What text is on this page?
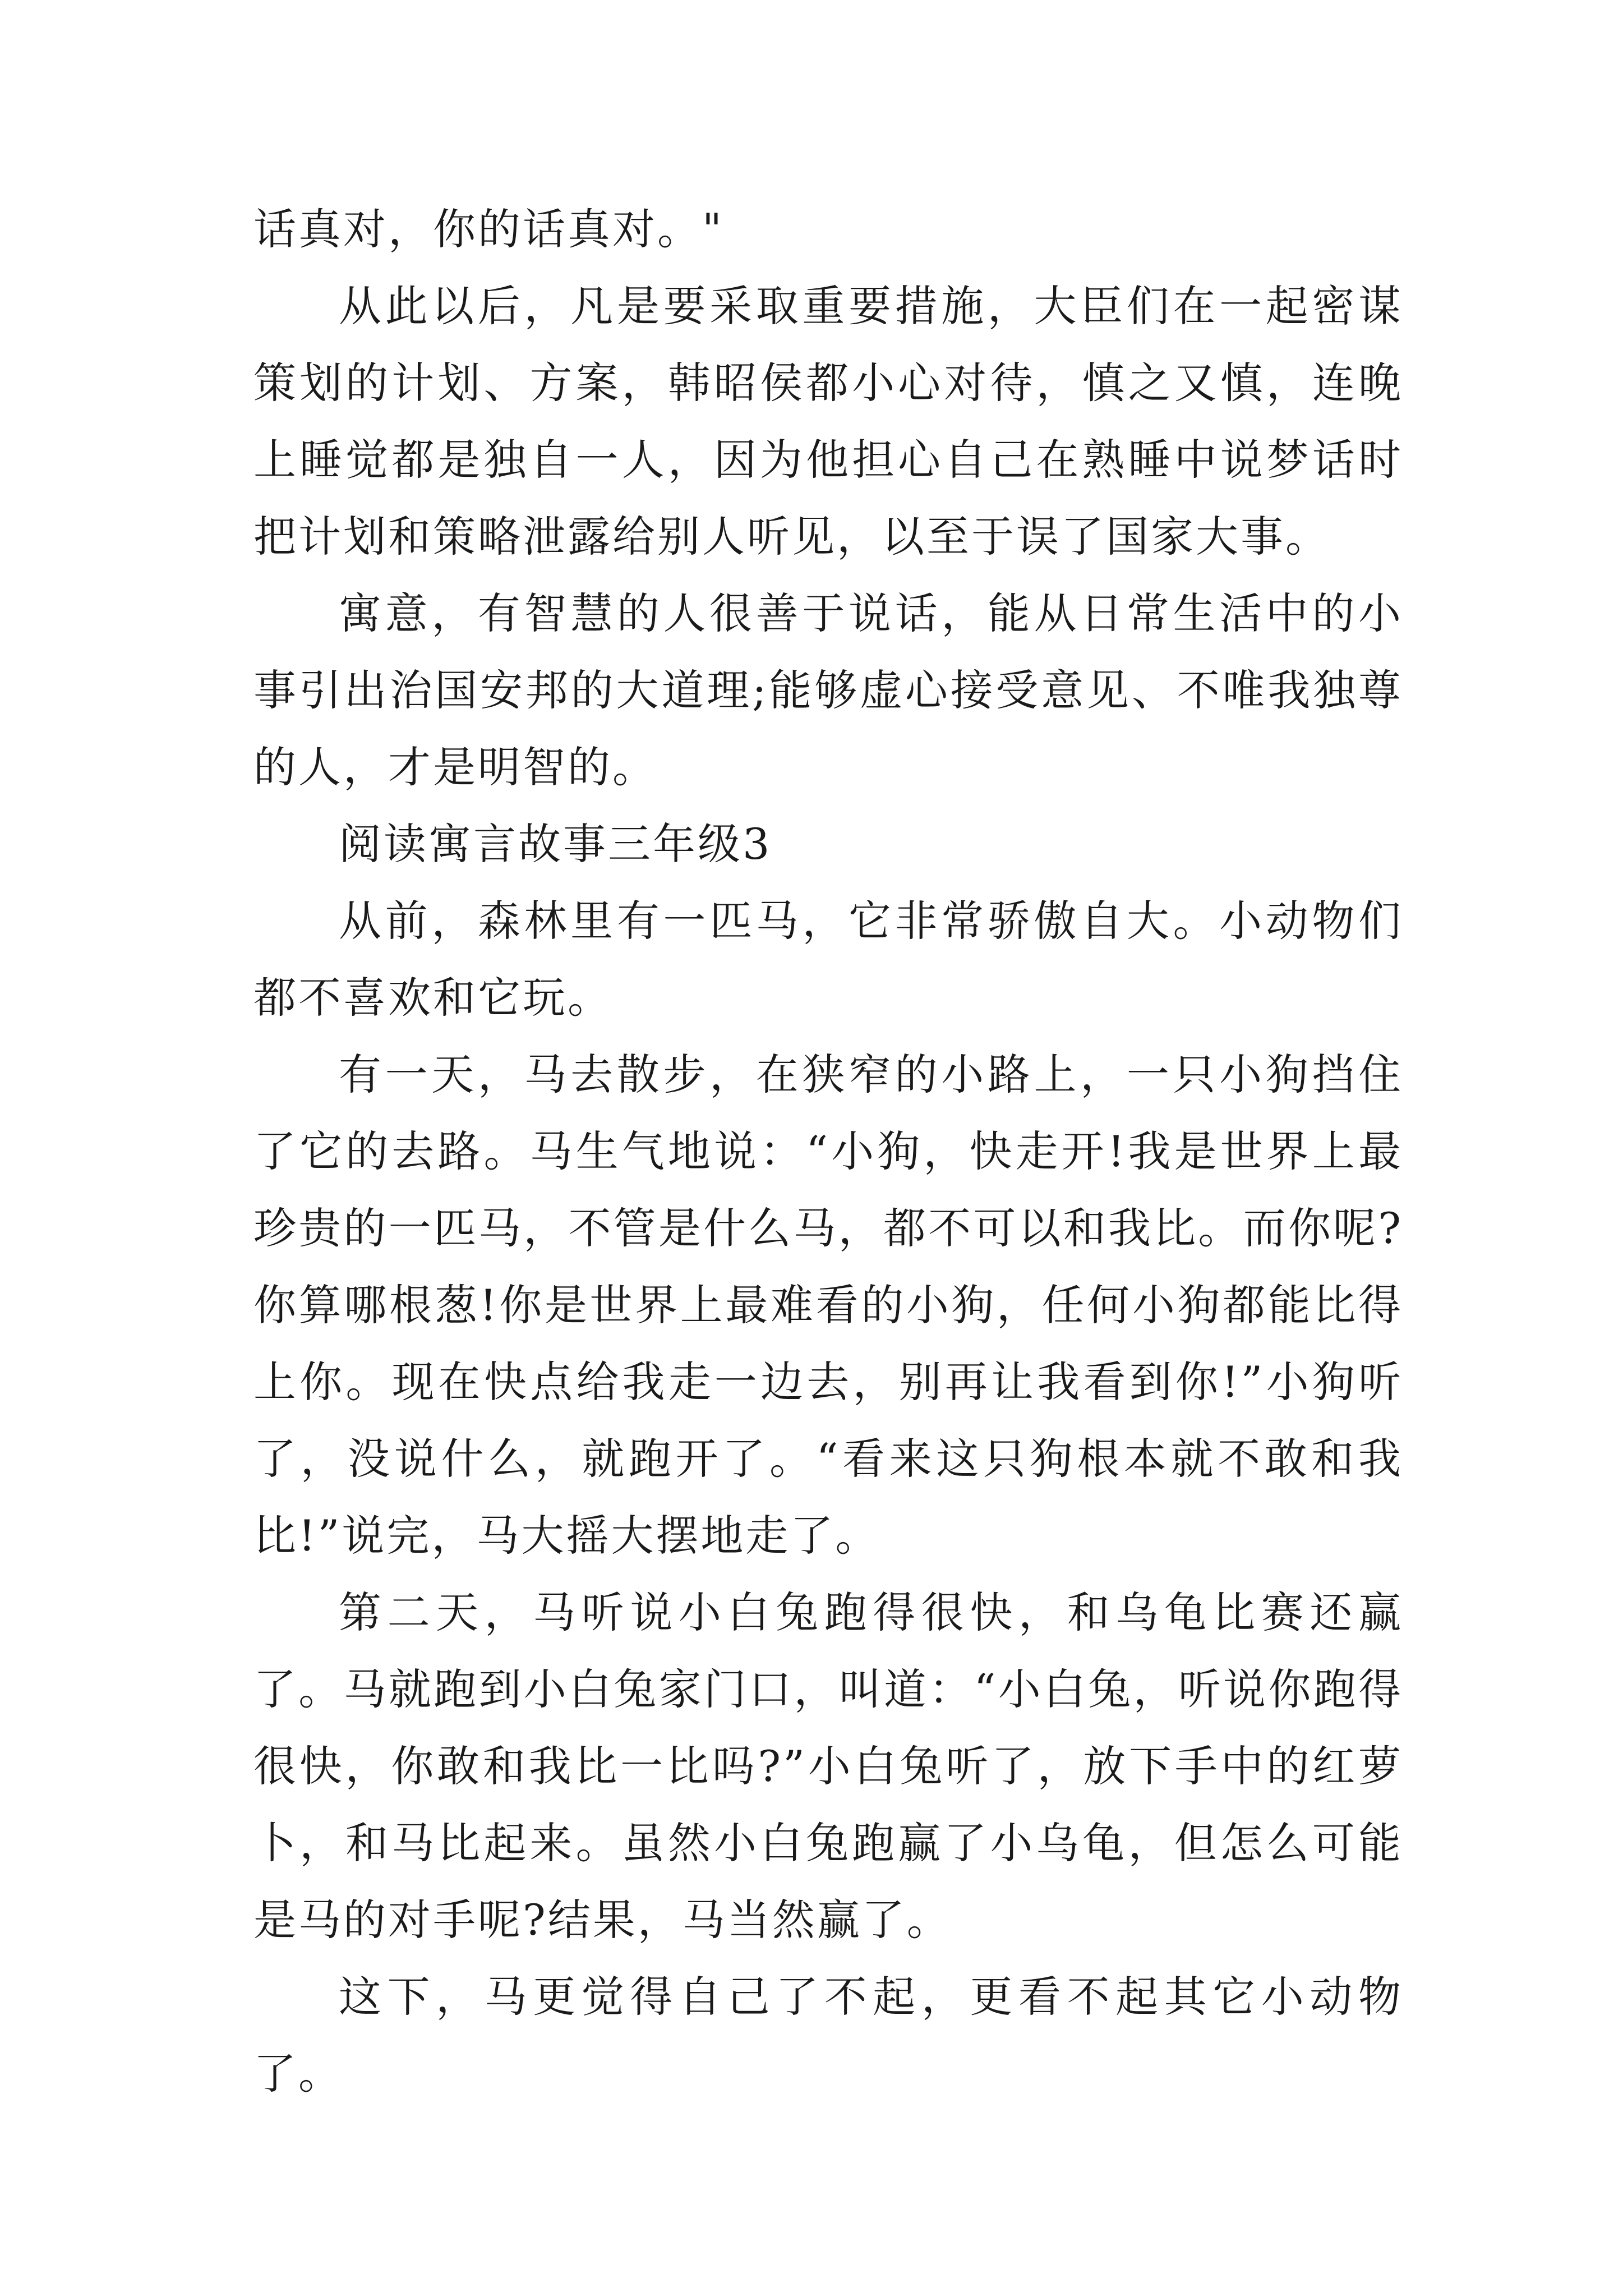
话真对，你的话真对。"

从此以后，凡是要采取重要措施，大臣们在一起密谋策划的计划、方案，韩昭侯都小心对待，慎之又慎，连晚上睡觉都是独自一人，因为他担心自己在熟睡中说梦话时把计划和策略泄露给别人听见，以至于误了国家大事。

寓意，有智慧的人很善于说话，能从日常生活中的小事引出治国安邦的大道理;能够虚心接受意见、不唯我独尊的人，才是明智的。

阅读寓言故事三年级3

从前，森林里有一匹马，它非常骄傲自大。小动物们都不喜欢和它玩。

有一天，马去散步，在狭窄的小路上，一只小狗挡住了它的去路。马生气地说：“小狗，快走开!我是世界上最珍贵的一匹马，不管是什么马，都不可以和我比。而你呢?你算哪根葱!你是世界上最难看的小狗，任何小狗都能比得上你。现在快点给我走一边去，别再让我看到你!”小狗听了，没说什么，就跑开了。“看来这只狗根本就不敢和我比!”说完，马大摇大摆地走了。

第二天，马听说小白兔跑得很快，和乌龟比赛还赢了。马就跑到小白兔家门口，叫道：“小白兔，听说你跑得很快，你敢和我比一比吗?”小白兔听了，放下手中的红萝卜，和马比起来。虽然小白兔跑赢了小乌龟，但怎么可能是马的对手呢?结果，马当然赢了。

这下，马更觉得自己了不起，更看不起其它小动物了。
